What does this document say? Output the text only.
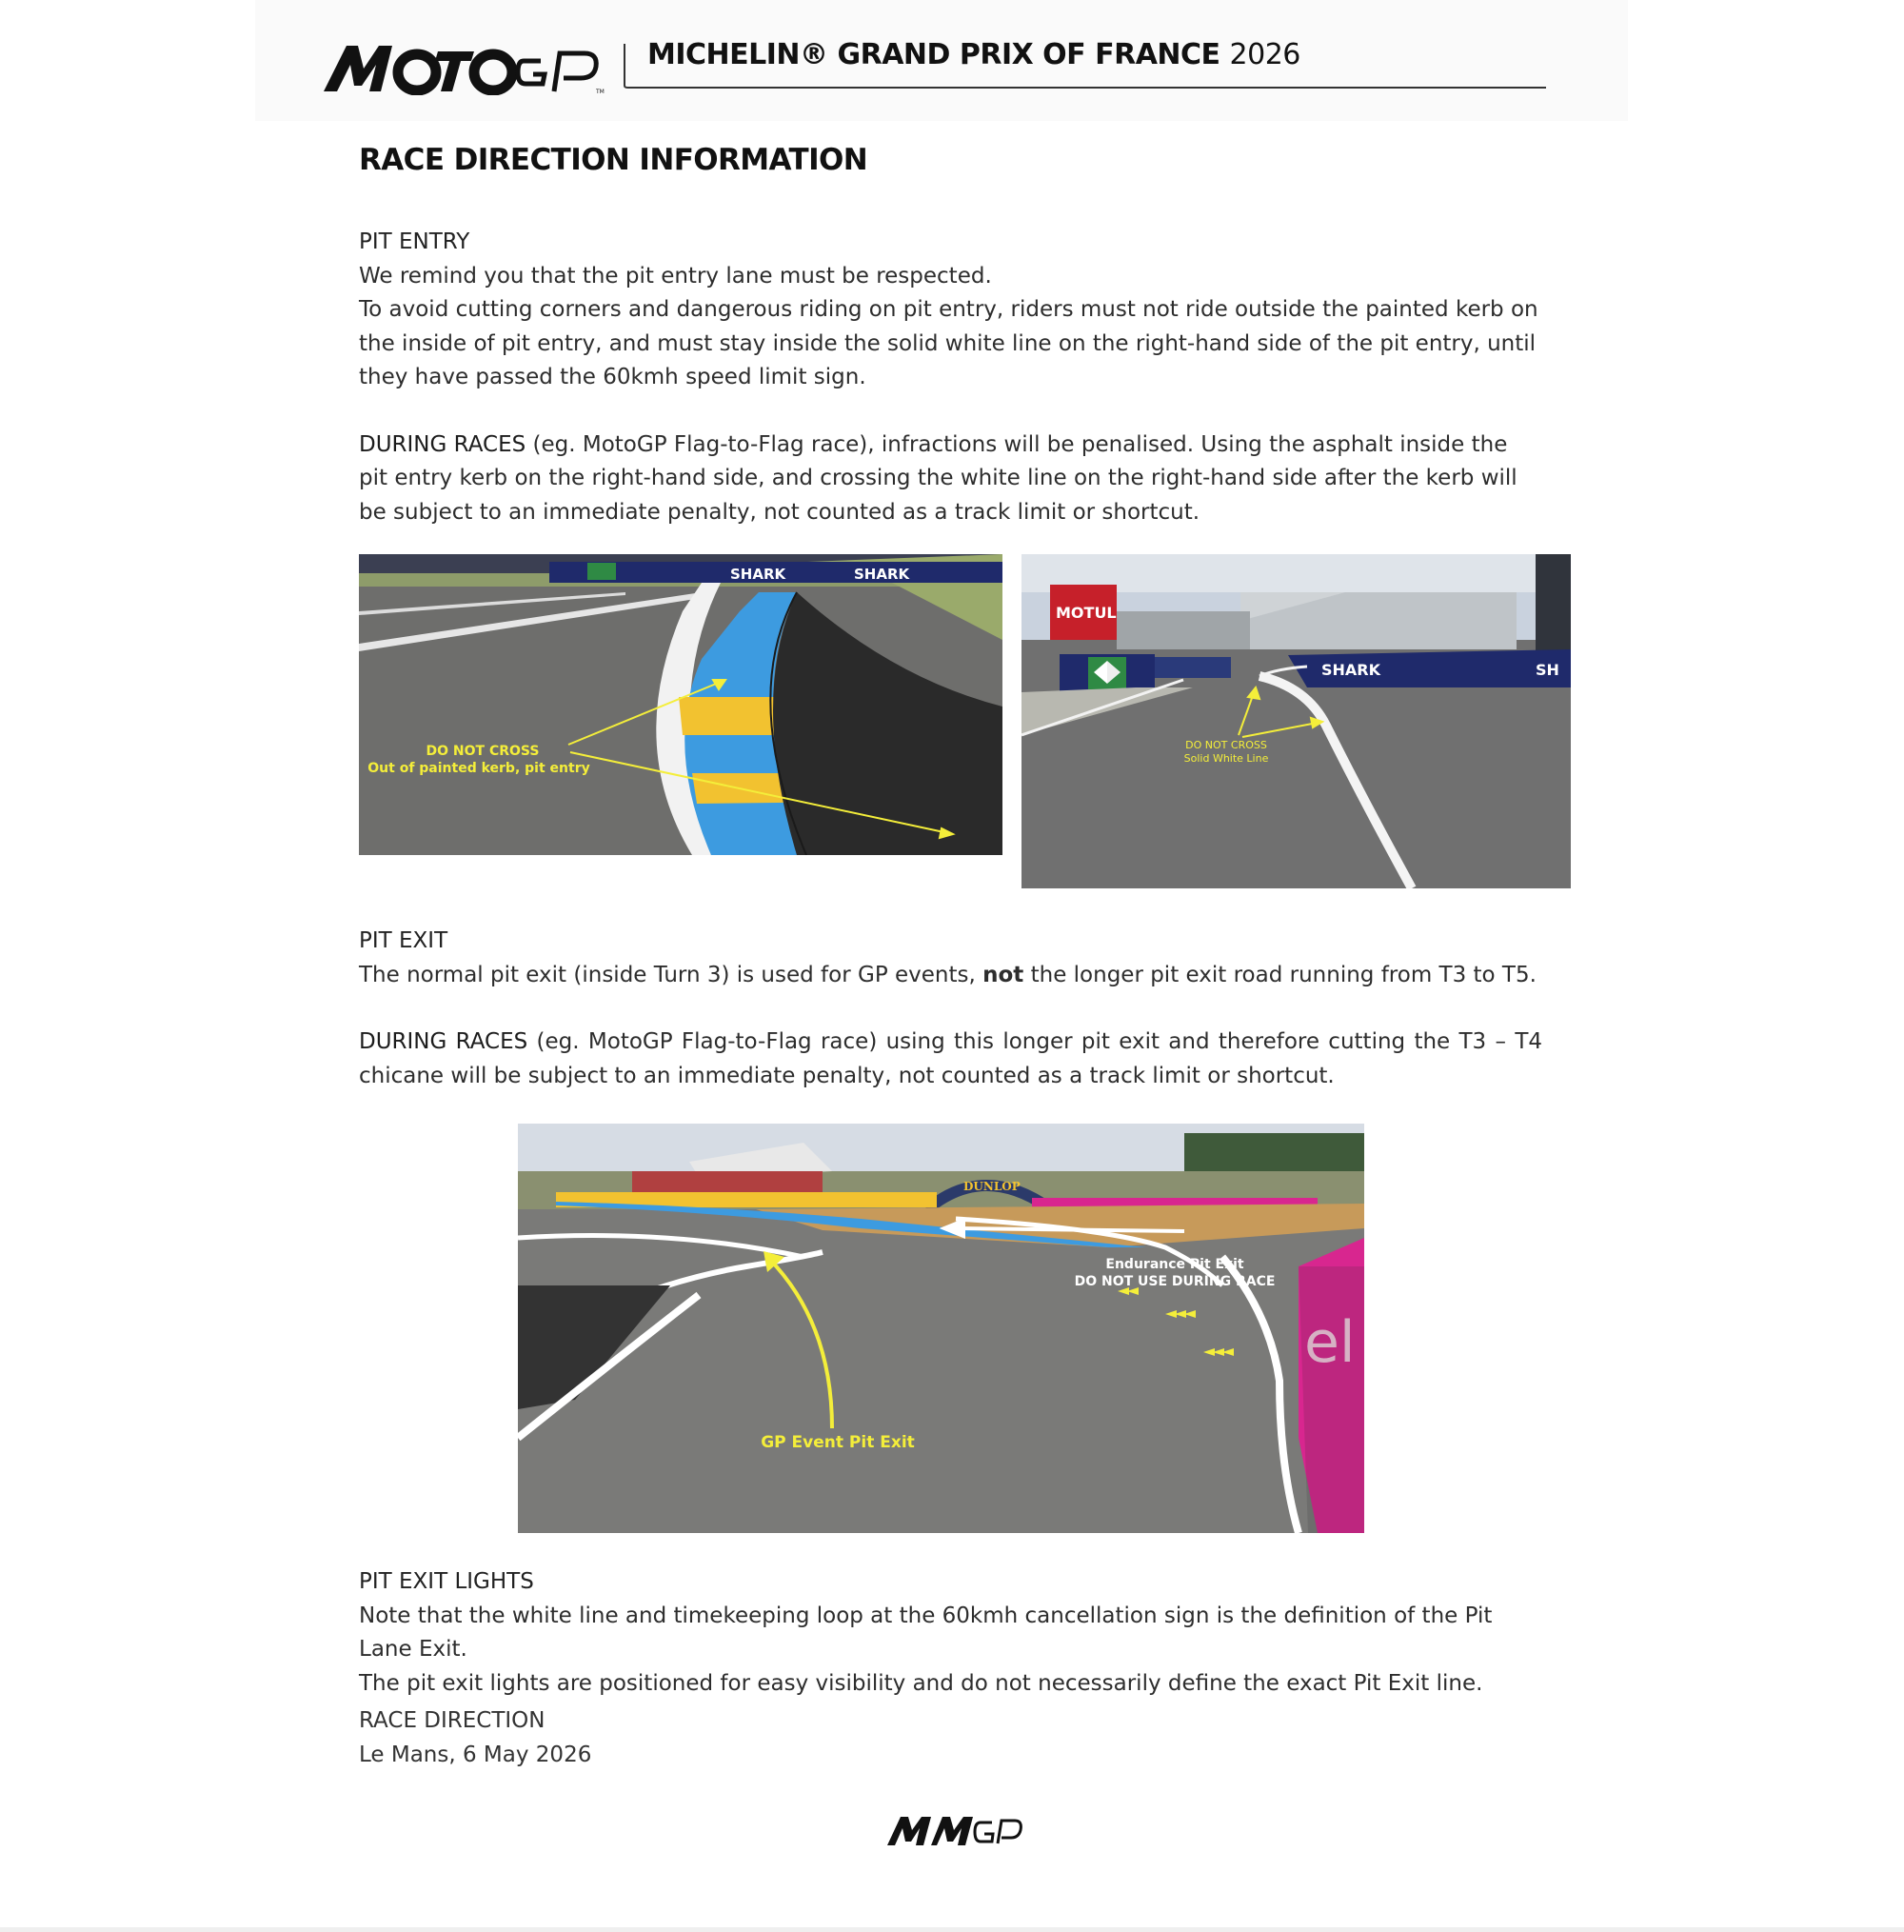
TM
MICHELIN® GRAND PRIX OF FRANCE 2026
RACE DIRECTION INFORMATION

PIT ENTRY

We remind you that the pit entry lane must be respected.

To avoid cutting corners and dangerous riding on pit entry, riders must not ride outside the painted kerb on the inside of pit entry, and must stay inside the solid white line on the right-hand side of the pit entry, until they have passed the 60kmh speed limit sign.

DURING RACES (eg. MotoGP Flag-to-Flag race), infractions will be penalised. Using the asphalt inside the pit entry kerb on the right-hand side, and crossing the white line on the right-hand side after the kerb will be subject to an immediate penalty, not counted as a track limit or shortcut.

SHARK	SHARK
DO NOT CROSS
Out of painted kerb, pit entry
MOTUL
SHARK	SH
DO NOT CROSS
Solid White Line

PIT EXIT

The normal pit exit (inside Turn 3) is used for GP events, not the longer pit exit road running from T3 to T5.

DURING RACES (eg. MotoGP Flag-to-Flag race) using this longer pit exit and therefore cutting the T3 – T4 chicane will be subject to an immediate penalty, not counted as a track limit or shortcut.

DUNLOP
el
Endurance Pit Exit
DO NOT USE DURING RACE
GP Event Pit Exit

PIT EXIT LIGHTS

Note that the white line and timekeeping loop at the 60kmh cancellation sign is the definition of the Pit Lane Exit.

The pit exit lights are positioned for easy visibility and do not necessarily define the exact Pit Exit line.

RACE DIRECTION
Le Mans, 6 May 2026
